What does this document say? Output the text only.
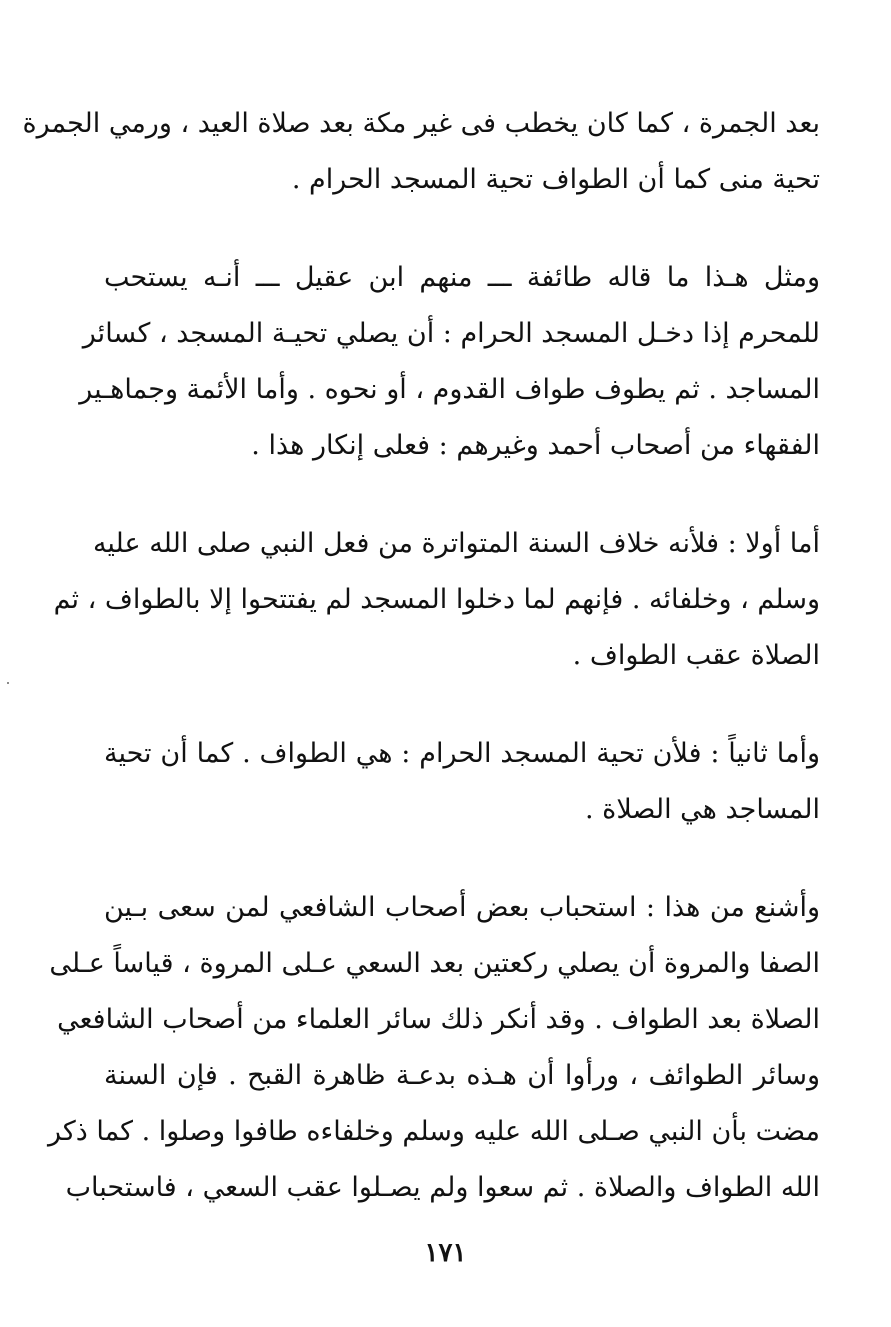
بعد الجمرة ، كما كان يخطب فى غير مكة بعد صلاة العيد ، ورمي الجمرة
تحية منى كما أن الطواف تحية المسجد الحرام .
ومثل هـذا ما قاله طائفة ـــ منهم ابن عقيل ـــ أنـه يستحب
للمحرم إذا دخـل المسجد الحرام : أن يصلي تحيـة المسجد ، كسائر
المساجد . ثم يطوف طواف القدوم ، أو نحوه . وأما الأئمة وجماهـير
الفقهاء من أصحاب أحمد وغيرهم : فعلى إنكار هذا .
أما أولا : فلأنه خلاف السنة المتواترة من فعل النبي صلى الله عليه
وسلم ، وخلفائه . فإنهم لما دخلوا المسجد لم يفتتحوا إلا بالطواف ، ثم
الصلاة عقب الطواف .
وأما ثانياً : فلأن تحية المسجد الحرام : هي الطواف . كما أن تحية
المساجد هي الصلاة .
وأشنع من هذا : استحباب بعض أصحاب الشافعي لمن سعى بـين
الصفا والمروة أن يصلي ركعتين بعد السعي عـلى المروة ، قياساً عـلى
الصلاة بعد الطواف . وقد أنكر ذلك سائر العلماء من أصحاب الشافعي
وسائر الطوائف ، ورأوا أن هـذه بدعـة ظاهرة القبح . فإن السنة
مضت بأن النبي صـلى الله عليه وسلم وخلفاءه طافوا وصلوا . كما ذكر
الله الطواف والصلاة . ثم سعوا ولم يصـلوا عقب السعي ، فاستحباب
١٧١
